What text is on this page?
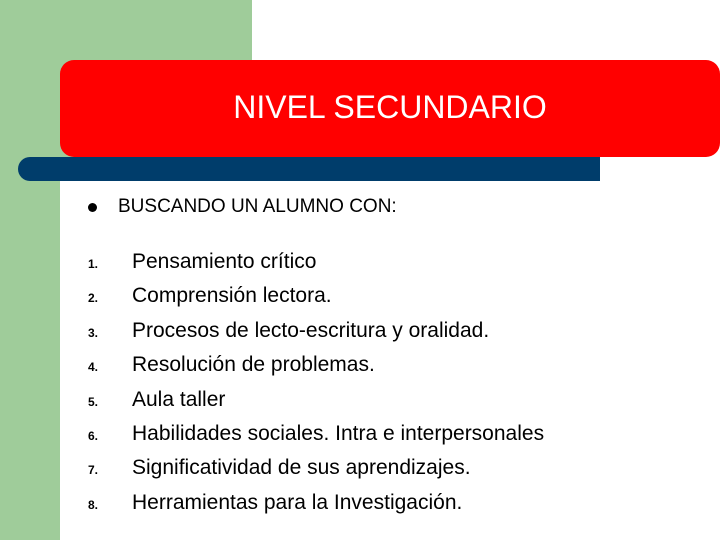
NIVEL SECUNDARIO
BUSCANDO UN ALUMNO CON:
1.	Pensamiento crítico
2.	Comprensión lectora.
3.	Procesos de lecto-escritura y oralidad.
4.	Resolución de problemas.
5.	Aula taller
6.	Habilidades sociales. Intra e interpersonales
7.	Significatividad de sus aprendizajes.
8.	Herramientas para la Investigación.
